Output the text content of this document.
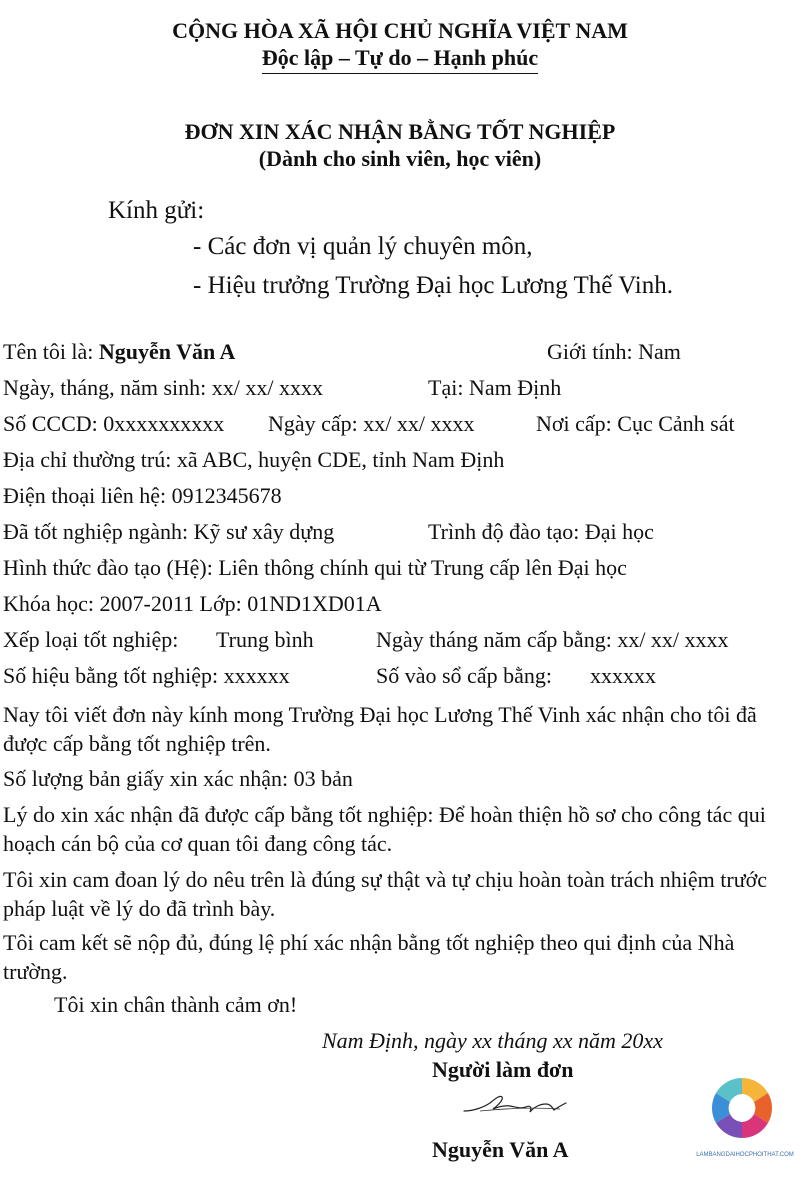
CỘNG HÒA XÃ HỘI CHỦ NGHĨA VIỆT NAM
Độc lập – Tự do – Hạnh phúc
ĐƠN XIN XÁC NHẬN BẰNG TỐT NGHIỆP
(Dành cho sinh viên, học viên)
Kính gửi:
- Các đơn vị quản lý chuyên môn,
- Hiệu trưởng Trường Đại học Lương Thế Vinh.
Tên tôi là: Nguyễn Văn A	Giới tính: Nam
Ngày, tháng, năm sinh: xx/ xx/ xxxx	Tại: Nam Định
Số CCCD: 0xxxxxxxxxx Ngày cấp: xx/ xx/ xxxx	Nơi cấp: Cục Cảnh sát
Địa chỉ thường trú: xã ABC, huyện CDE, tỉnh Nam Định
Điện thoại liên hệ: 0912345678
Đã tốt nghiệp ngành: Kỹ sư xây dựng	Trình độ đào tạo: Đại học
Hình thức đào tạo (Hệ): Liên thông chính qui từ Trung cấp lên Đại học
Khóa học: 2007-2011 Lớp: 01ND1XD01A
Xếp loại tốt nghiệp: Trung bình	Ngày tháng năm cấp bằng: xx/ xx/ xxxx
Số hiệu bằng tốt nghiệp: xxxxxx	Số vào sổ cấp bằng: xxxxxx
Nay tôi viết đơn này kính mong Trường Đại học Lương Thế Vinh xác nhận cho tôi đã được cấp bằng tốt nghiệp trên.
Số lượng bản giấy xin xác nhận: 03 bản
Lý do xin xác nhận đã được cấp bằng tốt nghiệp: Để hoàn thiện hồ sơ cho công tác qui hoạch cán bộ của cơ quan tôi đang công tác.
Tôi xin cam đoan lý do nêu trên là đúng sự thật và tự chịu hoàn toàn trách nhiệm trước pháp luật về lý do đã trình bày.
Tôi cam kết sẽ nộp đủ, đúng lệ phí xác nhận bằng tốt nghiệp theo qui định của Nhà trường.
Tôi xin chân thành cảm ơn!
Nam Định, ngày xx tháng xx năm 20xx
Người làm đơn
Nguyễn Văn A	LAMBANGDAIHOCPHOITHAT.COM
